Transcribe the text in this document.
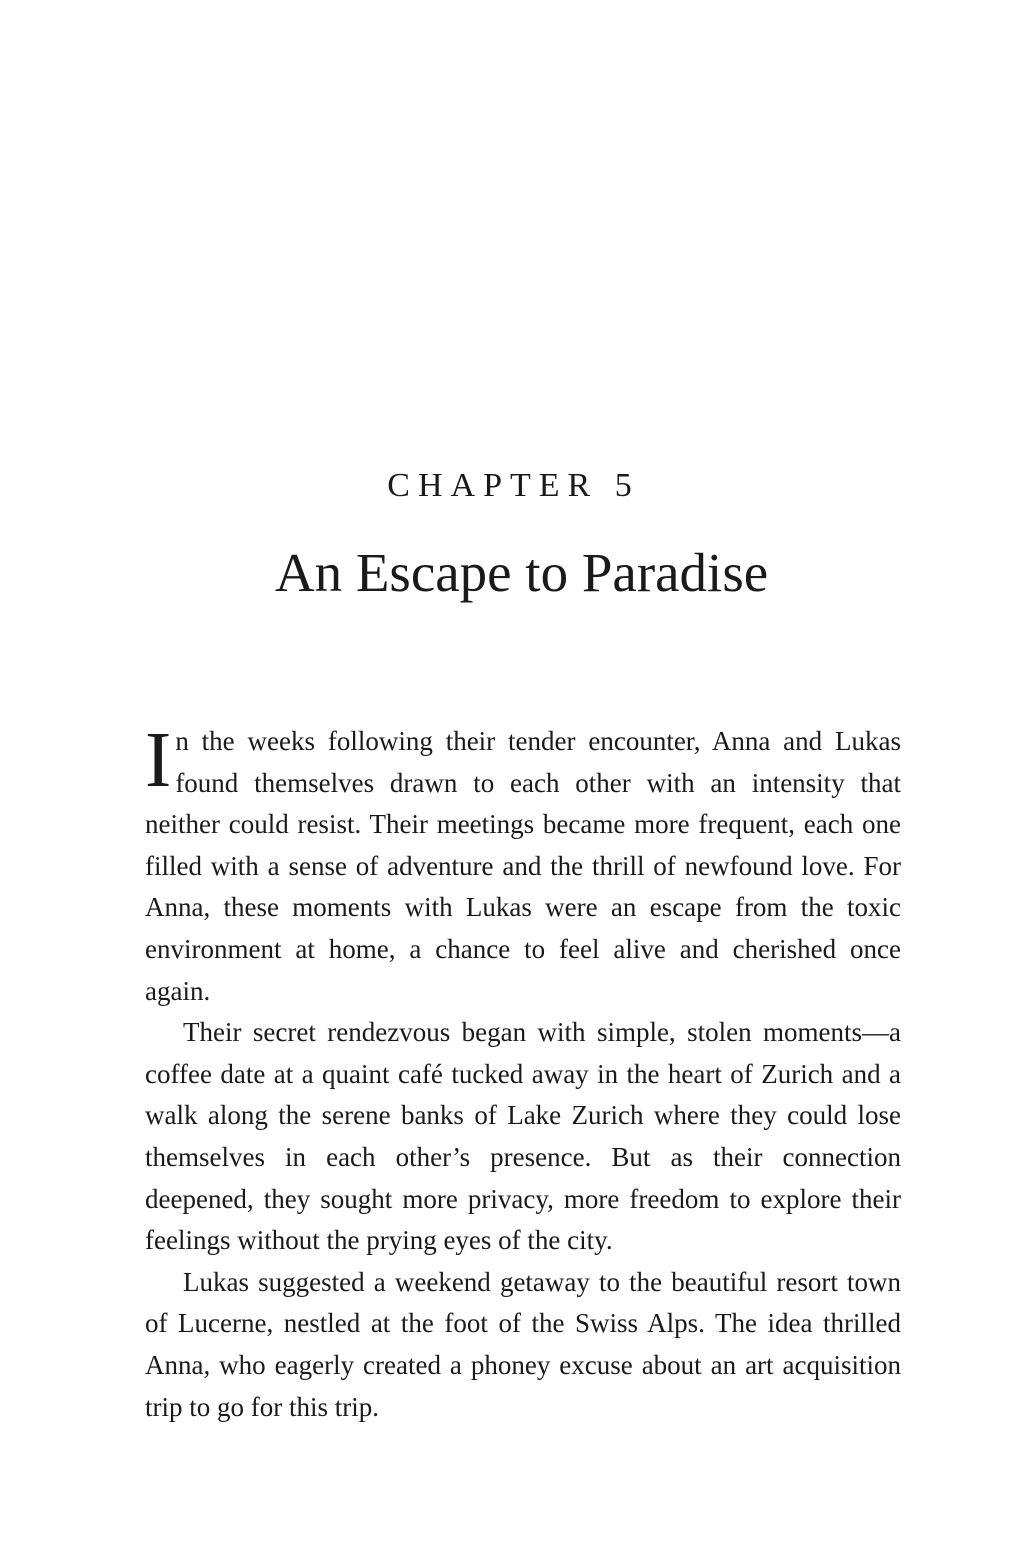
CHAPTER 5
An Escape to Paradise

In the weeks following their tender encounter, Anna and Lukas found themselves drawn to each other with an intensity that neither could resist. Their meetings became more frequent, each one filled with a sense of adventure and the thrill of newfound love. For Anna, these moments with Lukas were an escape from the toxic environment at home, a chance to feel alive and cherished once again.

Their secret rendezvous began with simple, stolen moments—a coffee date at a quaint café tucked away in the heart of Zurich and a walk along the serene banks of Lake Zurich where they could lose themselves in each other’s presence. But as their connection deepened, they sought more privacy, more freedom to explore their feelings without the prying eyes of the city.

Lukas suggested a weekend getaway to the beautiful resort town of Lucerne, nestled at the foot of the Swiss Alps. The idea thrilled Anna, who eagerly created a phoney excuse about an art acquisition trip to go for this trip.
